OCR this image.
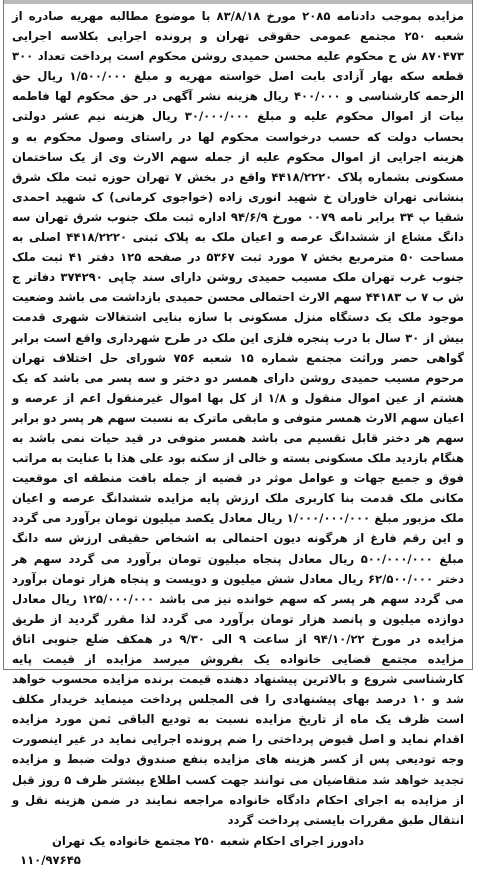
مزایده بموجب دادنامه ۲۰۸۵ مورخ ۸۳/۸/۱۸ با موضوع مطالبه مهریه صادره از شعبه ۲۵۰ مجتمع عمومی حقوقی تهران و پرونده اجرایی بکلاسه اجرایی ۸۷۰۴۷۳ ش ح محکوم علیه محسن حمیدی روشن محکوم است پرداخت تعداد ۳۰۰ قطعه سکه بهار آزادی بابت اصل خواسته مهریه و مبلغ ۱/۵۰۰/۰۰۰ ریال حق الزحمه کارشناسی و ۴۰۰/۰۰۰ ریال هزینه نشر آگهی در حق محکوم لها فاطمه بیات از اموال محکوم علیه و مبلغ ۳۰/۰۰۰/۰۰۰ ریال هزینه نیم عشر دولتی بحساب دولت که حسب درخواست محکوم لها در راستای وصول محکوم به و هزینه اجرایی از اموال محکوم علیه از جمله سهم الارث وی از یک ساختمان مسکونی بشماره پلاک ۴۴۱۸/۲۲۲۰ واقع در بخش ۷ تهران حوزه ثبت ملک شرق بنشانی تهران خاوران خ شهید انوری زاده (خواجوی کرمانی) ک شهید احمدی شقیا پ ۳۴ برابر نامه ۰۰۷۹ مورخ ۹۴/۶/۹ اداره ثبت ملک جنوب شرق تهران سه دانگ مشاع از ششدانگ عرصه و اعیان ملک به پلاک ثبتی ۴۴۱۸/۲۲۲۰ اصلی به مساحت ۵۰ مترمربع بخش ۷ مورد ثبت ۵۳۶۷ در صفحه ۱۲۵ دفتر ۴۱ ثبت ملک جنوب غرب تهران ملک مسیب حمیدی روشن دارای سند چاپی ۳۷۴۲۹۰ دفاتر ج ش ب ۷ ب ۴۴۱۸۳ سهم الارث احتمالی محسن حمیدی بازداشت می باشد وضعیت موجود ملک یک دستگاه منزل مسکونی با سازه بنایی اشتغالات شهری قدمت بیش از ۳۰ سال با درب پنجره فلزی این ملک در طرح شهرداری واقع است برابر گواهی حصر وراثت مجتمع شماره ۱۵ شعبه ۷۵۶ شورای حل اختلاف تهران مرحوم مسیب حمیدی روشن دارای همسر دو دختر و سه پسر می باشد که یک هشتم از عین اموال منقول و ۱/۸ از کل بها اموال غیرمنقول اعم از عرصه و اعیان سهم الارث همسر متوفی و مابقی ماترک به نسبت سهم هر پسر دو برابر سهم هر دختر قابل تقسیم می باشد همسر متوفی در قید حیات نمی باشد به هنگام بازدید ملک مسکونی بسته و خالی از سکنه بود علی هذا با عنایت به مراتب فوق و جمیع جهات و عوامل موثر در قضیه از جمله بافت منطقه ای موقعیت مکانی ملک قدمت بنا کاربری ملک ارزش پایه مزایده ششدانگ عرصه و اعیان ملک مزبور مبلغ ۱/۰۰۰/۰۰۰/۰۰۰ ریال معادل یکصد میلیون تومان برآورد می گردد و این رقم فارغ از هرگونه دیون احتمالی به اشخاص حقیقی ارزش سه دانگ مبلغ ۵۰۰/۰۰۰/۰۰۰ ریال معادل پنجاه میلیون تومان برآورد می گردد سهم هر دختر ۶۲/۵۰۰/۰۰۰ ریال معادل شش میلیون و دویست و پنجاه هزار تومان برآورد می گردد سهم هر پسر که سهم خوانده نیز می باشد ۱۲۵/۰۰۰/۰۰۰ ریال معادل دوازده میلیون و پانصد هزار تومان برآورد می گردد لذا مقرر گردید از طریق مزایده در مورخ ۹۴/۱۰/۲۲ از ساعت ۹ الی ۹/۳۰ در همکف ضلع جنوبی اتاق مزایده مجتمع قضایی خانواده یک بفروش میرسد مزایده از قیمت پایه کارشناسی شروع و بالاترین پیشنهاد دهنده قیمت برنده مزایده محسوب خواهد شد و ۱۰ درصد بهای پیشنهادی را فی المجلس پرداخت مینماید خریدار مکلف است ظرف یک ماه از تاریخ مزایده نسبت به تودیع الباقی ثمن مورد مزایده اقدام نماید و اصل قبوض پرداختی را ضم پرونده اجرایی نماید در غیر اینصورت وجه تودیعی پس از کسر هزینه های مزایده بنفع صندوق دولت ضبط و مزایده تجدید خواهد شد متقاضیان می توانند جهت کسب اطلاع بیشتر ظرف ۵ روز قبل از مزایده به اجرای احکام دادگاه خانواده مراجعه نمایند در ضمن هزینه نقل و انتقال طبق مقررات بایستی پرداخت گردد

دادورز اجرای احکام شعبه ۲۵۰ مجتمع خانواده یک تهران
۱۱۰/۹۷۶۴۵
